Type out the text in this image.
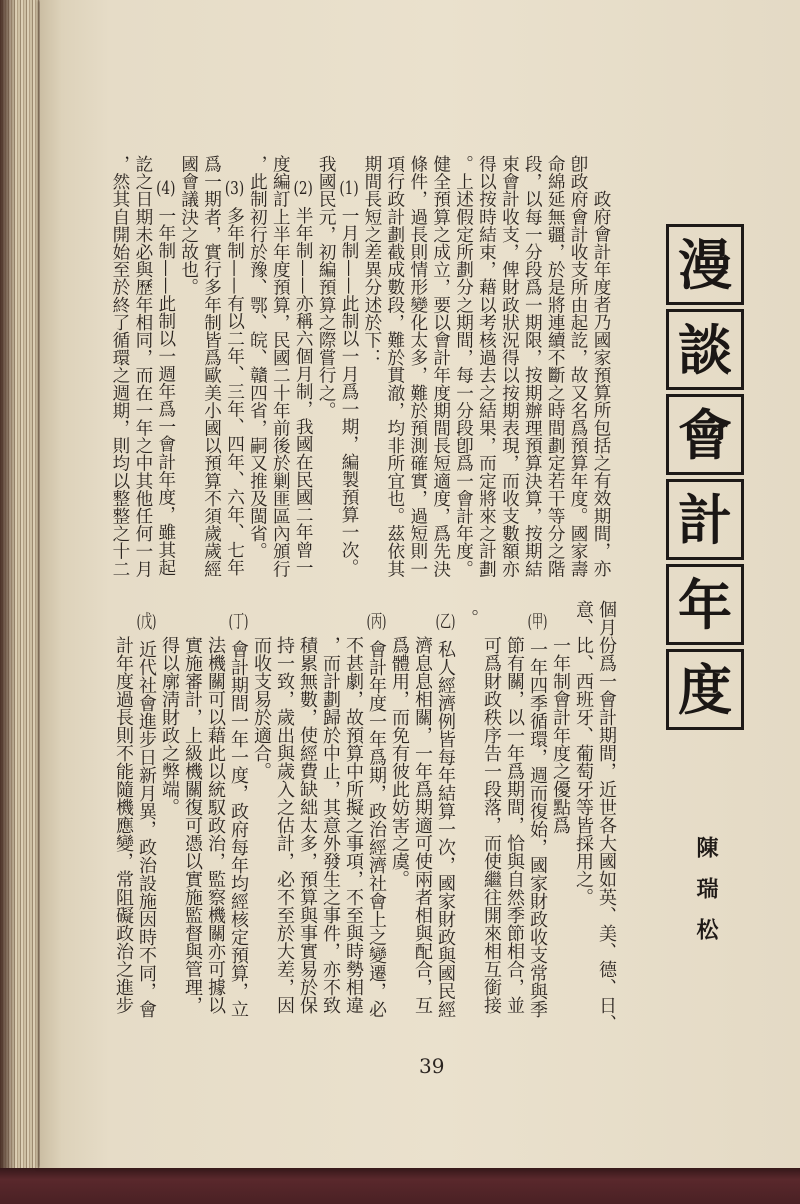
漫
談
會
計
年
度
陳瑞松

政府會計年度者乃國家預算所包括之有效期間，亦

卽政府會計收支所由起訖，故又名爲預算年度。國家壽

命綿延無疆，於是將連續不斷之時間劃定若干等分之階

段，以每一分段爲一期限，按期辦理預算決算，按期結

束會計收支，俾財政狀況得以按期表現，而收支數額亦

得以按時結束，藉以考核過去之結果，而定將來之計劃

。上述假定所劃分之期間，每一分段卽爲一會計年度。

健全預算之成立，要以會計年度期間長短適度，爲先決

條件，過長則情形變化太多，難於預測確實，過短則一

項行政計劃截成數段，難於貫澈，均非所宜也。茲依其

期間長短之差異分述於下：

(1)一月制——此制以一月爲一期，編製預算一次。

我國民元，初編預算之際嘗行之。

(2)半年制——亦稱六個月制，我國在民國二年曾一

度編訂上半年度預算，民國二十年前後於剿匪區內頒行

，此制初行於豫、鄂、皖、贛四省，嗣又推及閩省。

(3)多年制——有以二年、三年、四年、六年、七年

爲一期者，實行多年制皆爲歐美小國以預算不須歲歲經

國會議決之故也。

(4)一年制——此制以一週年爲一會計年度，雖其起

訖之日期未必與歷年相同，而在一年之中其他任何一月

，然其自開始至於終了循環之週期，則均以整整之十二

個月份爲一會計期間，近世各大國如英、美、德、日、

意、比、西班牙、葡萄牙等皆採用之。

一年制會計年度之優點爲

(甲)一年四季循環，週而復始，國家財政收支常與季

節有關，以一年爲期間，恰與自然季節相合，並

可爲財政秩序告一段落，而使繼往開來相互銜接

。

(乙)私人經濟例皆每年結算一次，國家財政與國民經

濟息息相關，一年爲期適可使兩者相與配合，互

爲體用，而免有彼此妨害之虞。

(丙)會計年度一年爲期，政治經濟社會上之變遷，必

不甚劇，故預算中所擬之事項，不至與時勢相違

，而計劃歸於中止，其意外發生之事件，亦不致

積累無數，使經費缺絀太多，預算與事實易於保

持一致，歲出與歲入之估計，必不至於大差，因

而收支易於適合。

(丁)會計期間一年一度，政府每年均經核定預算，立

法機關可以藉此以統馭政治，監察機關亦可據以

實施審計，上級機關復可憑以實施監督與管理，

得以廓淸財政之弊端。

(戊)近代社會進步日新月異，政治設施因時不同，會

計年度過長則不能隨機應變，常阻礙政治之進步

39
